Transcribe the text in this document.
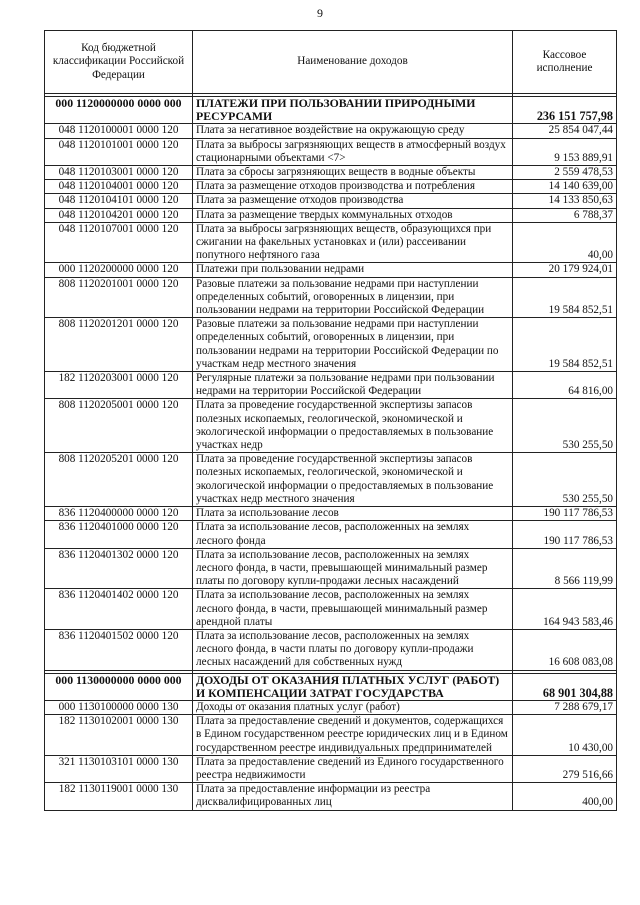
9
Код бюджетной классификации Российской Федерации	Наименование доходов	Кассовое исполнение

000 1120000000 0000 000	ПЛАТЕЖИ ПРИ ПОЛЬЗОВАНИИ ПРИРОДНЫМИ РЕСУРСАМИ	236 151 757,98
048 1120100001 0000 120	Плата за негативное воздействие на окружающую среду	25 854 047,44
048 1120101001 0000 120	Плата за выбросы загрязняющих веществ в атмосферный воздух стационарными объектами <7>	9 153 889,91
048 1120103001 0000 120	Плата за сбросы загрязняющих веществ в водные объекты	2 559 478,53
048 1120104001 0000 120	Плата за размещение отходов производства и потребления	14 140 639,00
048 1120104101 0000 120	Плата за размещение отходов производства	14 133 850,63
048 1120104201 0000 120	Плата за размещение твердых коммунальных отходов	6 788,37
048 1120107001 0000 120	Плата за выбросы загрязняющих веществ, образующихся при сжигании на факельных установках и (или) рассеивании попутного нефтяного газа	40,00
000 1120200000 0000 120	Платежи при пользовании недрами	20 179 924,01
808 1120201001 0000 120	Разовые платежи за пользование недрами при наступлении определенных событий, оговоренных в лицензии, при пользовании недрами на территории Российской Федерации	19 584 852,51
808 1120201201 0000 120	Разовые платежи за пользование недрами при наступлении определенных событий, оговоренных в лицензии, при пользовании недрами на территории Российской Федерации по участкам недр местного значения	19 584 852,51
182 1120203001 0000 120	Регулярные платежи за пользование недрами при пользовании недрами на территории Российской Федерации	64 816,00
808 1120205001 0000 120	Плата за проведение государственной экспертизы запасов полезных ископаемых, геологической, экономической и экологической информации о предоставляемых в пользование участках недр	530 255,50
808 1120205201 0000 120	Плата за проведение государственной экспертизы запасов полезных ископаемых, геологической, экономической и экологической информации о предоставляемых в пользование участках недр местного значения	530 255,50
836 1120400000 0000 120	Плата за использование лесов	190 117 786,53
836 1120401000 0000 120	Плата за использование лесов, расположенных на землях лесного фонда	190 117 786,53
836 1120401302 0000 120	Плата за использование лесов, расположенных на землях лесного фонда, в части, превышающей минимальный размер платы по договору купли-продажи лесных насаждений	8 566 119,99
836 1120401402 0000 120	Плата за использование лесов, расположенных на землях лесного фонда, в части, превышающей минимальный размер арендной платы	164 943 583,46
836 1120401502 0000 120	Плата за использование лесов, расположенных на землях лесного фонда, в части платы по договору купли-продажи лесных насаждений для собственных нужд	16 608 083,08

000 1130000000 0000 000	ДОХОДЫ ОТ ОКАЗАНИЯ ПЛАТНЫХ УСЛУГ (РАБОТ) И КОМПЕНСАЦИИ ЗАТРАТ ГОСУДАРСТВА	68 901 304,88
000 1130100000 0000 130	Доходы от оказания платных услуг (работ)	7 288 679,17
182 1130102001 0000 130	Плата за предоставление сведений и документов, содержащихся в Едином государственном реестре юридических лиц и в Едином государственном реестре индивидуальных предпринимателей	10 430,00
321 1130103101 0000 130	Плата за предоставление сведений из Единого государственного реестра недвижимости	279 516,66
182 1130119001 0000 130	Плата за предоставление информации из реестра дисквалифицированных лиц	400,00
